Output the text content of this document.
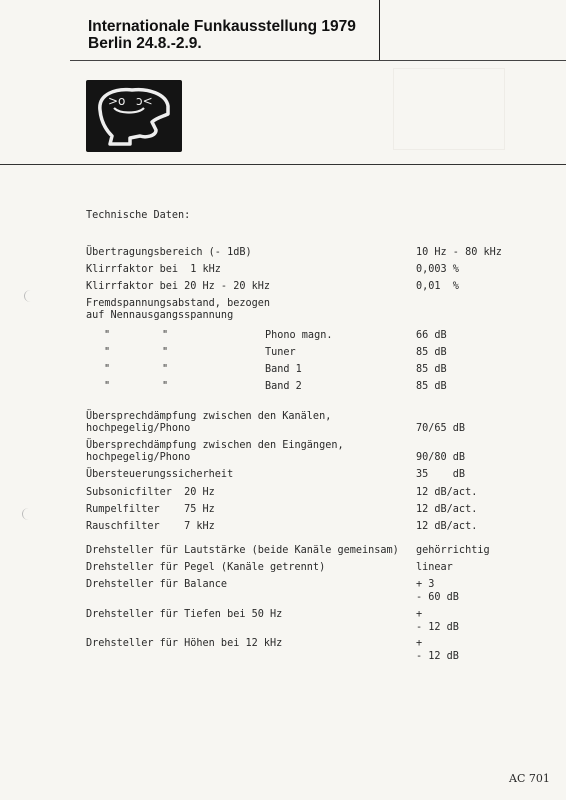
Internationale Funkausstellung 1979
Berlin 24.8.-2.9.
>o ɔ<
Technische Daten:
Übertragungsbereich (- 1dB)	10 Hz - 80 kHz
Klirrfaktor bei  1 kHz	0,003 %
Klirrfaktor bei 20 Hz - 20 kHz	0,01  %
Fremdspannungsabstand, bezogen
auf Nennausgangsspannung
"	"	Phono magn.	66 dB
"	"	Tuner	85 dB
"	"	Band 1	85 dB
"	"	Band 2	85 dB
Übersprechdämpfung zwischen den Kanälen,
hochpegelig/Phono	70/65 dB
Übersprechdämpfung zwischen den Eingängen,
hochpegelig/Phono	90/80 dB
Übersteuerungssicherheit	35    dB
Subsonicfilter  20 Hz	12 dB/act.
Rumpelfilter    75 Hz	12 dB/act.
Rauschfilter    7 kHz	12 dB/act.
Drehsteller für Lautstärke (beide Kanäle gemeinsam) gehörrichtig
Drehsteller für Pegel (Kanäle getrennt)	linear
Drehsteller für Balance	+ 3
- 60 dB
Drehsteller für Tiefen bei 50 Hz	+
- 12 dB
Drehsteller für Höhen bei 12 kHz	+
- 12 dB
AC 701
